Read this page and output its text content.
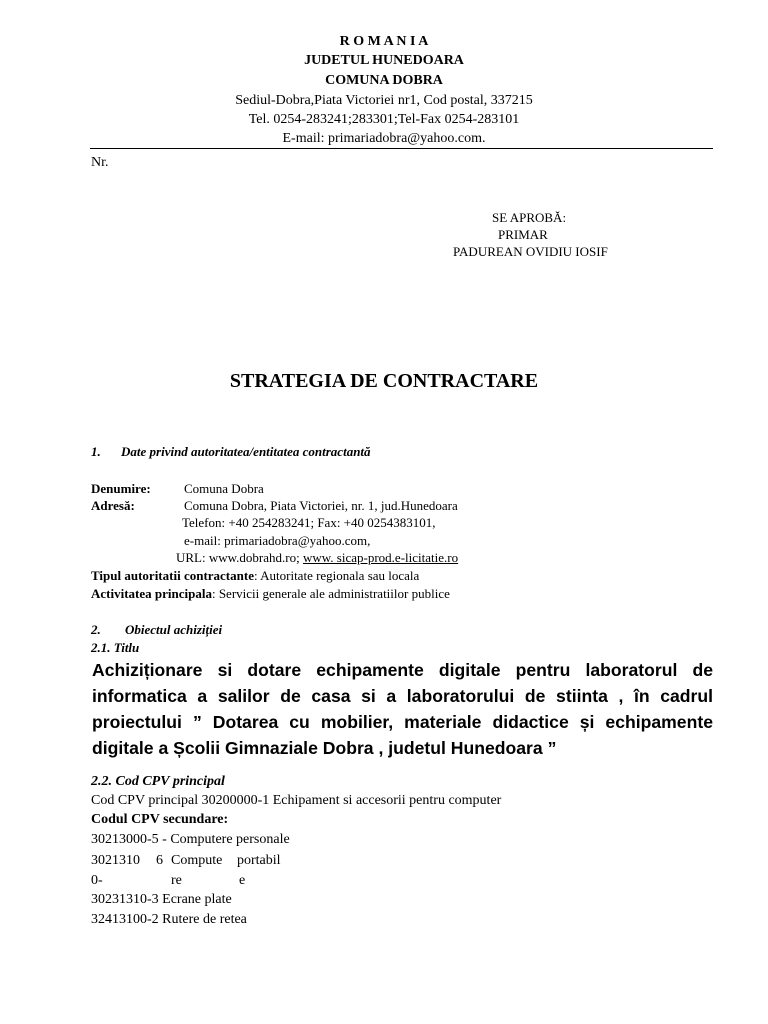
R O M A N I A
JUDETUL HUNEDOARA
COMUNA DOBRA
Sediul-Dobra,Piata Victoriei nr1, Cod postal, 337215
Tel. 0254-283241;283301;Tel-Fax 0254-283101
E-mail: primariadobra@yahoo.com.
Nr.
SE APROBĂ:
PRIMAR
PADUREAN OVIDIU IOSIF
STRATEGIA DE CONTRACTARE
1. Date privind autoritatea/entitatea contractantă
Denumire:	Comuna Dobra
Adresă:	Comuna Dobra, Piata Victoriei, nr. 1, jud.Hunedoara
Telefon: +40 254283241; Fax: +40 0254383101,
e-mail: primariadobra@yahoo.com,
URL: www.dobrahd.ro; www. sicap-prod.e-licitatie.ro
Tipul autoritatii contractante: Autoritate regionala sau locala
Activitatea principala: Servicii generale ale administratiilor publice
2. Obiectul achiziției
2.1. Titlu
Achiziționare si dotare echipamente digitale pentru laboratorul de
informatica a salilor de casa si a laboratorului de stiinta , în cadrul
proiectului ” Dotarea cu mobilier, materiale didactice și echipamente
digitale a Școlii Gimnaziale Dobra , judetul Hunedoara ”
2.2. Cod CPV principal
Cod CPV principal 30200000-1 Echipament si accesorii pentru computer
Codul CPV secundare:
30213000-5 - Computere personale
3021310 6 Compute portabil
0-	re	e
30231310-3 Ecrane plate
32413100-2 Rutere de retea
